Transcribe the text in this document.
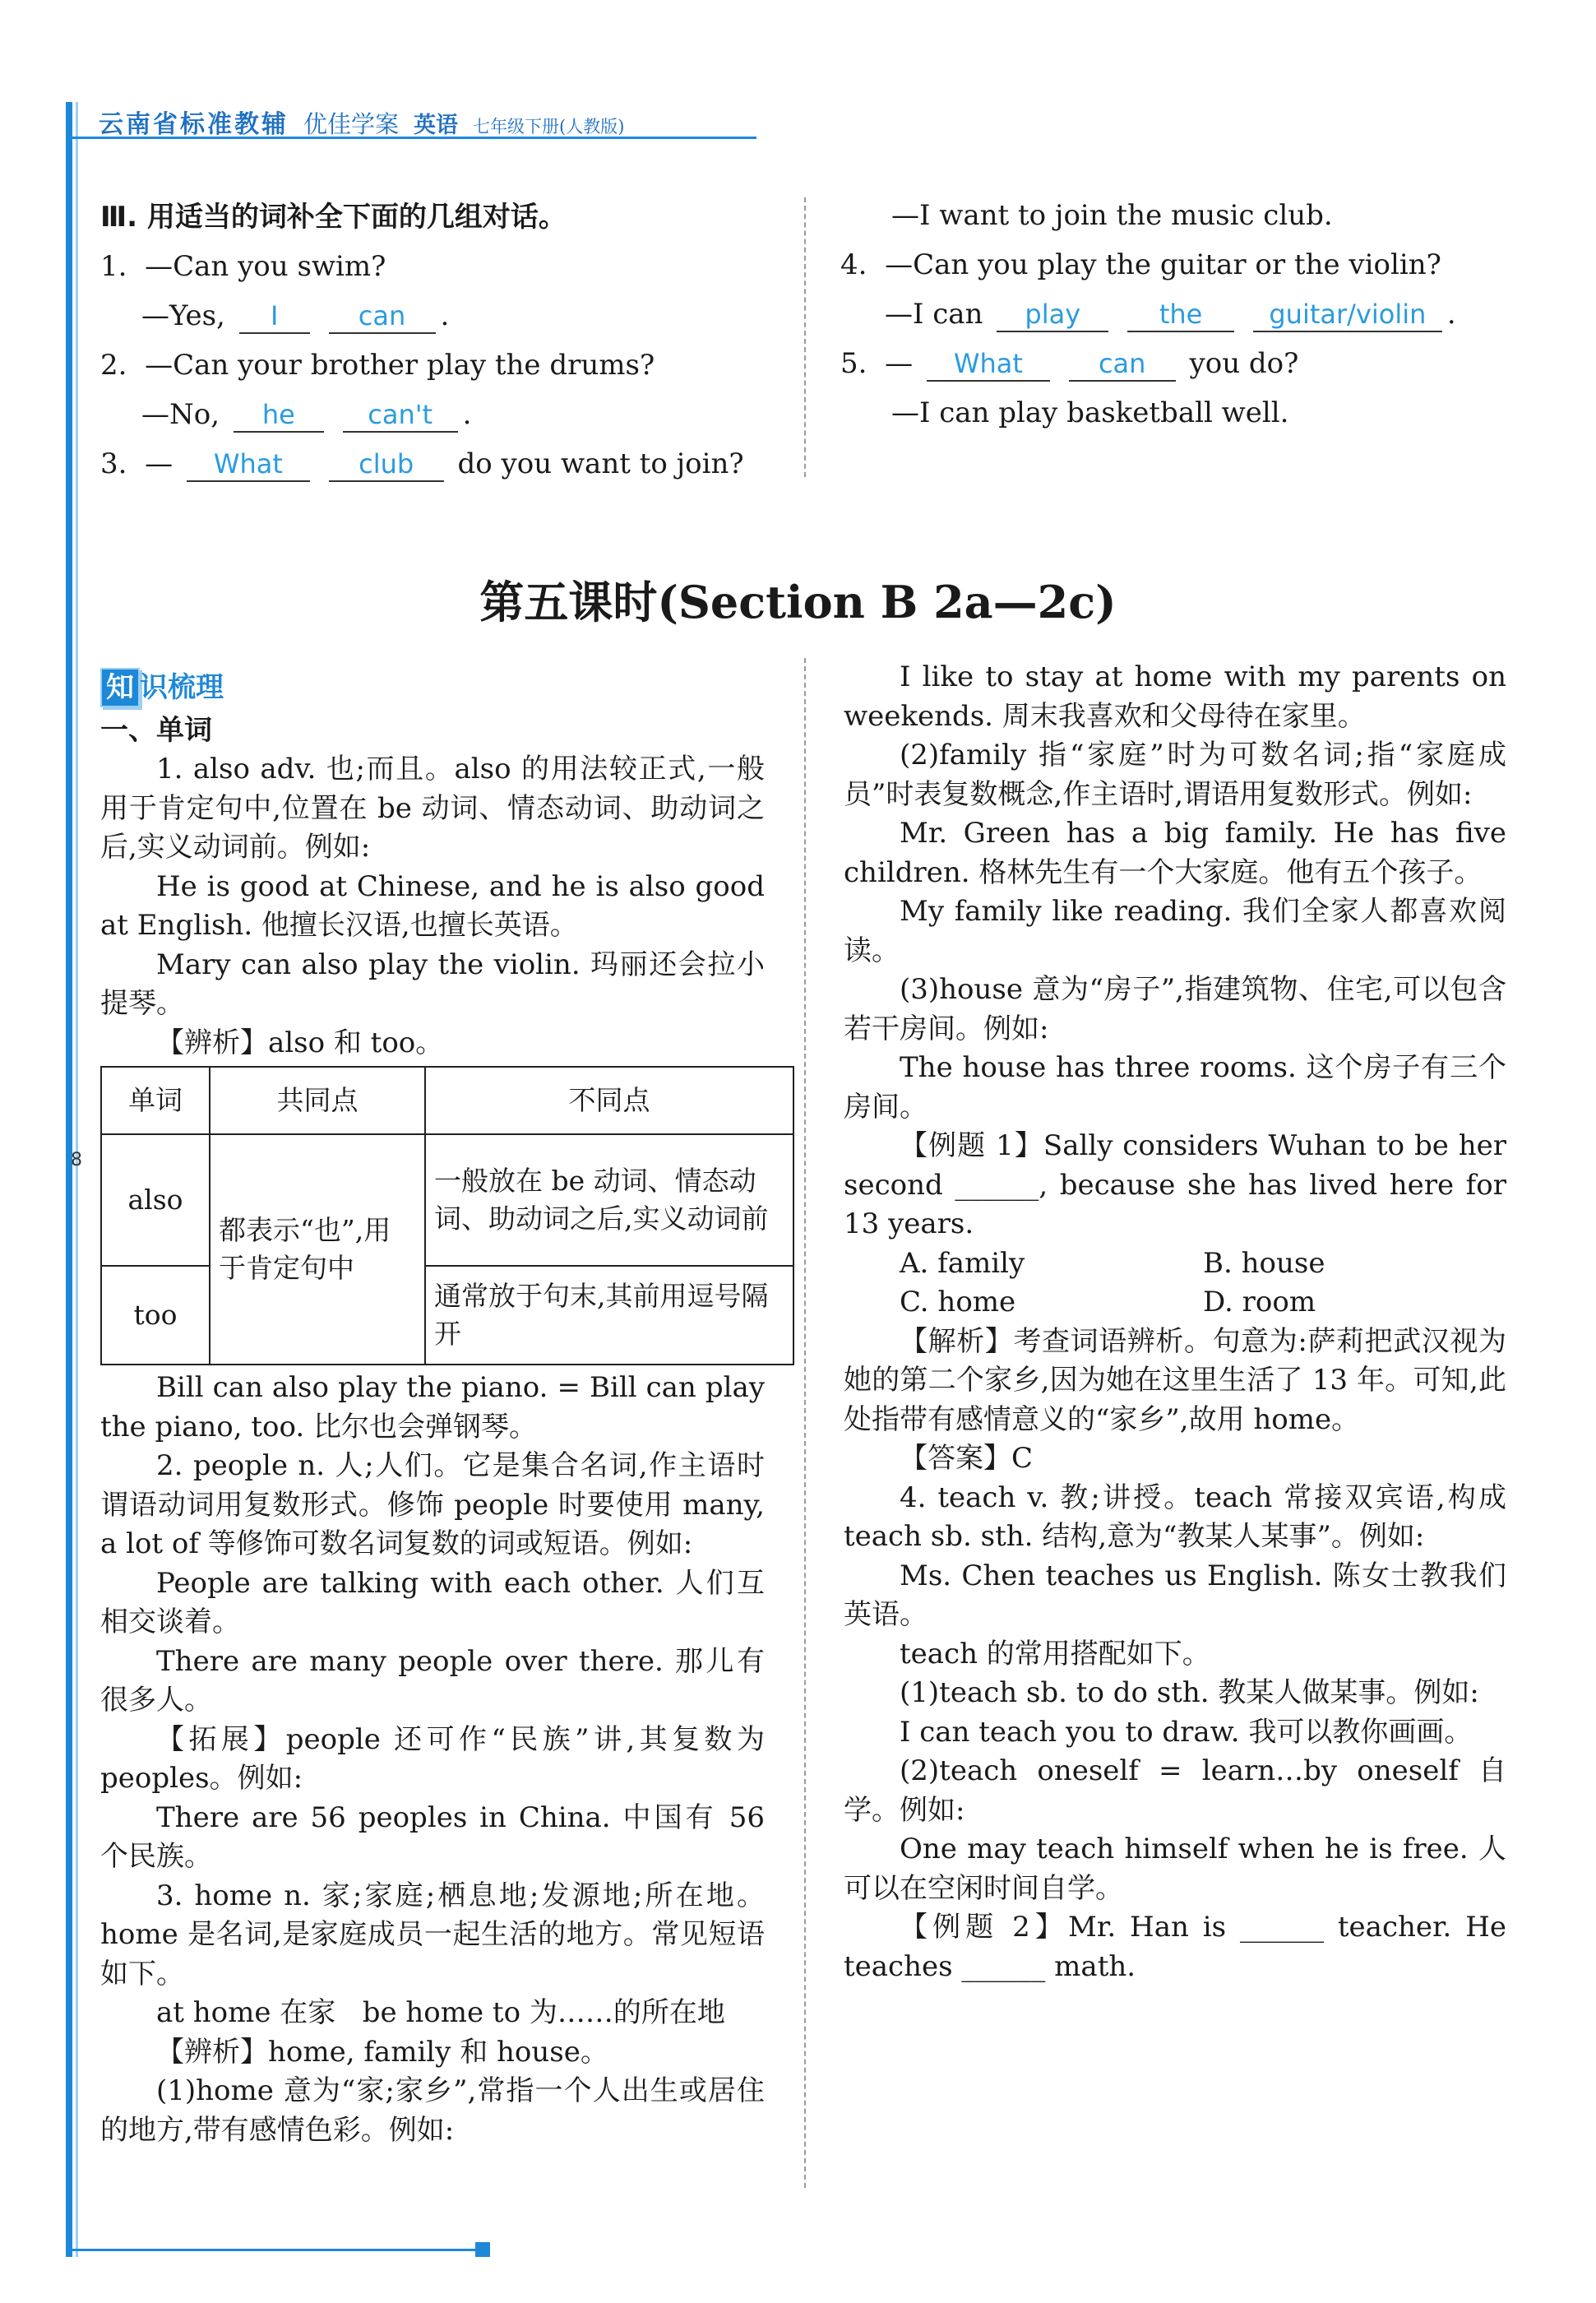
8
云南省标准教辅 优佳学案 英语 七年级下册(人教版)
Ⅲ. 用适当的词补全下面的几组对话。
1. —Can you swim?
—Yes, I	can .
2. —Can your brother play the drums?
—No, he	can't .
3. — What	club do you want to join?
—I want to join the music club.
4. —Can you play the guitar or the violin?
—I can play	the	guitar/violin .
5. — What	can you do?
—I can play basketball well.
第五课时(Section B 2a—2c)
知 识梳理
一、单词
1. also adv. 也;而且。also 的用法较正式,一般用于肯定句中,位置在 be 动词、情态动词、助动词之后,实义动词前。例如:
He is good at Chinese, and he is also good at English. 他擅长汉语,也擅长英语。
Mary can also play the violin. 玛丽还会拉小提琴。
【辨析】also 和 too。
单词	共同点	不同点
also	都表示“也”,用于肯定句中	一般放在 be 动词、情态动词、助动词之后,实义动词前
too		通常放于句末,其前用逗号隔开
Bill can also play the piano. = Bill can play the piano, too. 比尔也会弹钢琴。
2. people n. 人;人们。它是集合名词,作主语时谓语动词用复数形式。修饰 people 时要使用 many, a lot of 等修饰可数名词复数的词或短语。例如:
People are talking with each other. 人们互相交谈着。
There are many people over there. 那儿有很多人。
【拓展】people 还可作“民族”讲,其复数为 peoples。例如:
There are 56 peoples in China. 中国有 56 个民族。
3. home n. 家;家庭;栖息地;发源地;所在地。home 是名词,是家庭成员一起生活的地方。常见短语如下。
at home 在家   be home to 为……的所在地
【辨析】home, family 和 house。
(1)home 意为“家;家乡”,常指一个人出生或居住的地方,带有感情色彩。例如:
I like to stay at home with my parents on weekends. 周末我喜欢和父母待在家里。
(2)family 指“家庭”时为可数名词;指“家庭成员”时表复数概念,作主语时,谓语用复数形式。例如:
Mr. Green has a big family. He has five children. 格林先生有一个大家庭。他有五个孩子。
My family like reading. 我们全家人都喜欢阅读。
(3)house 意为“房子”,指建筑物、住宅,可以包含若干房间。例如:
The house has three rooms. 这个房子有三个房间。
【例题 1】Sally considers Wuhan to be her second ______, because she has lived here for 13 years.
A. family	B. house
C. home	D. room
【解析】考查词语辨析。句意为:萨莉把武汉视为她的第二个家乡,因为她在这里生活了 13 年。可知,此处指带有感情意义的“家乡”,故用 home。
【答案】C
4. teach v. 教;讲授。teach 常接双宾语,构成 teach sb. sth. 结构,意为“教某人某事”。例如:
Ms. Chen teaches us English. 陈女士教我们英语。
teach 的常用搭配如下。
(1)teach sb. to do sth. 教某人做某事。例如:
I can teach you to draw. 我可以教你画画。
(2)teach oneself = learn…by oneself 自学。例如:
One may teach himself when he is free. 人可以在空闲时间自学。
【例题 2】Mr. Han is ______ teacher. He teaches ______ math.
